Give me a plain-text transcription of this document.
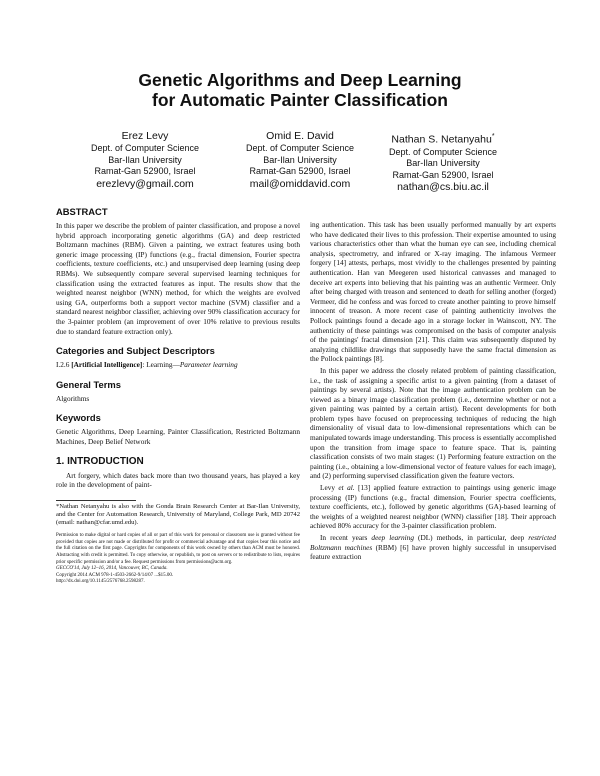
Genetic Algorithms and Deep Learning
for Automatic Painter Classification
Erez Levy
Dept. of Computer Science
Bar-Ilan University
Ramat-Gan 52900, Israel
erezlevy@gmail.com
Omid E. David
Dept. of Computer Science
Bar-Ilan University
Ramat-Gan 52900, Israel
mail@omiddavid.com
Nathan S. Netanyahu*
Dept. of Computer Science
Bar-Ilan University
Ramat-Gan 52900, Israel
nathan@cs.biu.ac.il
ABSTRACT

In this paper we describe the problem of painter classification, and propose a novel hybrid approach incorporating genetic algorithms (GA) and deep restricted Boltzmann machines (RBM). Given a painting, we extract features using both generic image processing (IP) functions (e.g., fractal dimension, Fourier spectra coefficients, texture coefficients, etc.) and unsupervised deep learning (using deep RBMs). We subsequently compare several supervised learning techniques for classification using the extracted features as input. The results show that the weighted nearest neighbor (WNN) method, for which the weights are evolved using GA, outperforms both a support vector machine (SVM) classifier and a standard nearest neighbor classifier, achieving over 90% classification accuracy for the 3-painter problem (an improvement of over 10% relative to previous results due to standard feature extraction only).

Categories and Subject Descriptors

I.2.6 [Artificial Intelligence]: Learning—Parameter learning

General Terms

Algorithms

Keywords

Genetic Algorithms, Deep Learning, Painter Classification, Restricted Boltzmann Machines, Deep Belief Network

1. INTRODUCTION

Art forgery, which dates back more than two thousand years, has played a key role in the development of paint-

*Nathan Netanyahu is also with the Gonda Brain Research Center at Bar-Ilan University, and the Center for Automation Research, University of Maryland, College Park, MD 20742 (email: nathan@cfar.umd.edu).

Permission to make digital or hard copies of all or part of this work for personal or classroom use is granted without fee provided that copies are not made or distributed for profit or commercial advantage and that copies bear this notice and the full citation on the first page. Copyrights for components of this work owned by others than ACM must be honored. Abstracting with credit is permitted. To copy otherwise, or republish, to post on servers or to redistribute to lists, requires prior specific permission and/or a fee. Request permissions from permissions@acm.org.

GECCO'14, July 12–16, 2014, Vancouver, BC, Canada.

Copyright 2014 ACM 978-1-4503-2662-9/14/07 ...$15.00.

http://dx.doi.org/10.1145/2576768.2598287.

ing authentication. This task has been usually performed manually by art experts who have dedicated their lives to this profession. Their expertise amounted to using various characteristics other than what the human eye can see, including chemical analysis, spectrometry, and infrared or X-ray imaging. The infamous Vermeer forgery [14] attests, perhaps, most vividly to the challenges presented by painting authentication. Han van Meegeren used historical canvasses and managed to deceive art experts into believing that his painting was an authentic Vermeer. Only after being charged with treason and sentenced to death for selling another (forged) Vermeer, did he confess and was forced to create another painting to prove himself innocent of treason. A more recent case of painting authenticity involves the Pollock paintings found a decade ago in a storage locker in Wainscott, NY. The authenticity of these paintings was compromised on the basis of computer analysis of the paintings' fractal dimension [21]. This claim was subsequently disputed by analyzing childlike drawings that supposedly have the same fractal dimension as the Pollock paintings [8].

In this paper we address the closely related problem of painting classification, i.e., the task of assigning a specific artist to a given painting (from a dataset of paintings by several artists). Note that the image authentication problem can be viewed as a binary image classification problem (i.e., determine whether or not a given painting was painted by a certain artist). Recent developments for both problem types have focused on preprocessing techniques of reducing the high dimensionality of visual data to low-dimensional representations which can be manipulated towards image understanding. This process is essentially accomplished upon the transition from image space to feature space. That is, painting classification consists of two main stages: (1) Performing feature extraction on the painting (i.e., obtaining a low-dimensional vector of feature values for each image), and (2) performing supervised classification given the feature vectors.

Levy et al. [13] applied feature extraction to paintings using generic image processing (IP) functions (e.g., fractal dimension, Fourier spectra coefficients, texture coefficients, etc.), followed by genetic algorithms (GA)-based learning of the weights of a weighted nearest neighbor (WNN) classifier [18]. Their approach achieved 80% accuracy for the 3-painter classification problem.

In recent years deep learning (DL) methods, in particular, deep restricted Boltzmann machines (RBM) [6] have proven highly successful in unsupervised feature extraction
